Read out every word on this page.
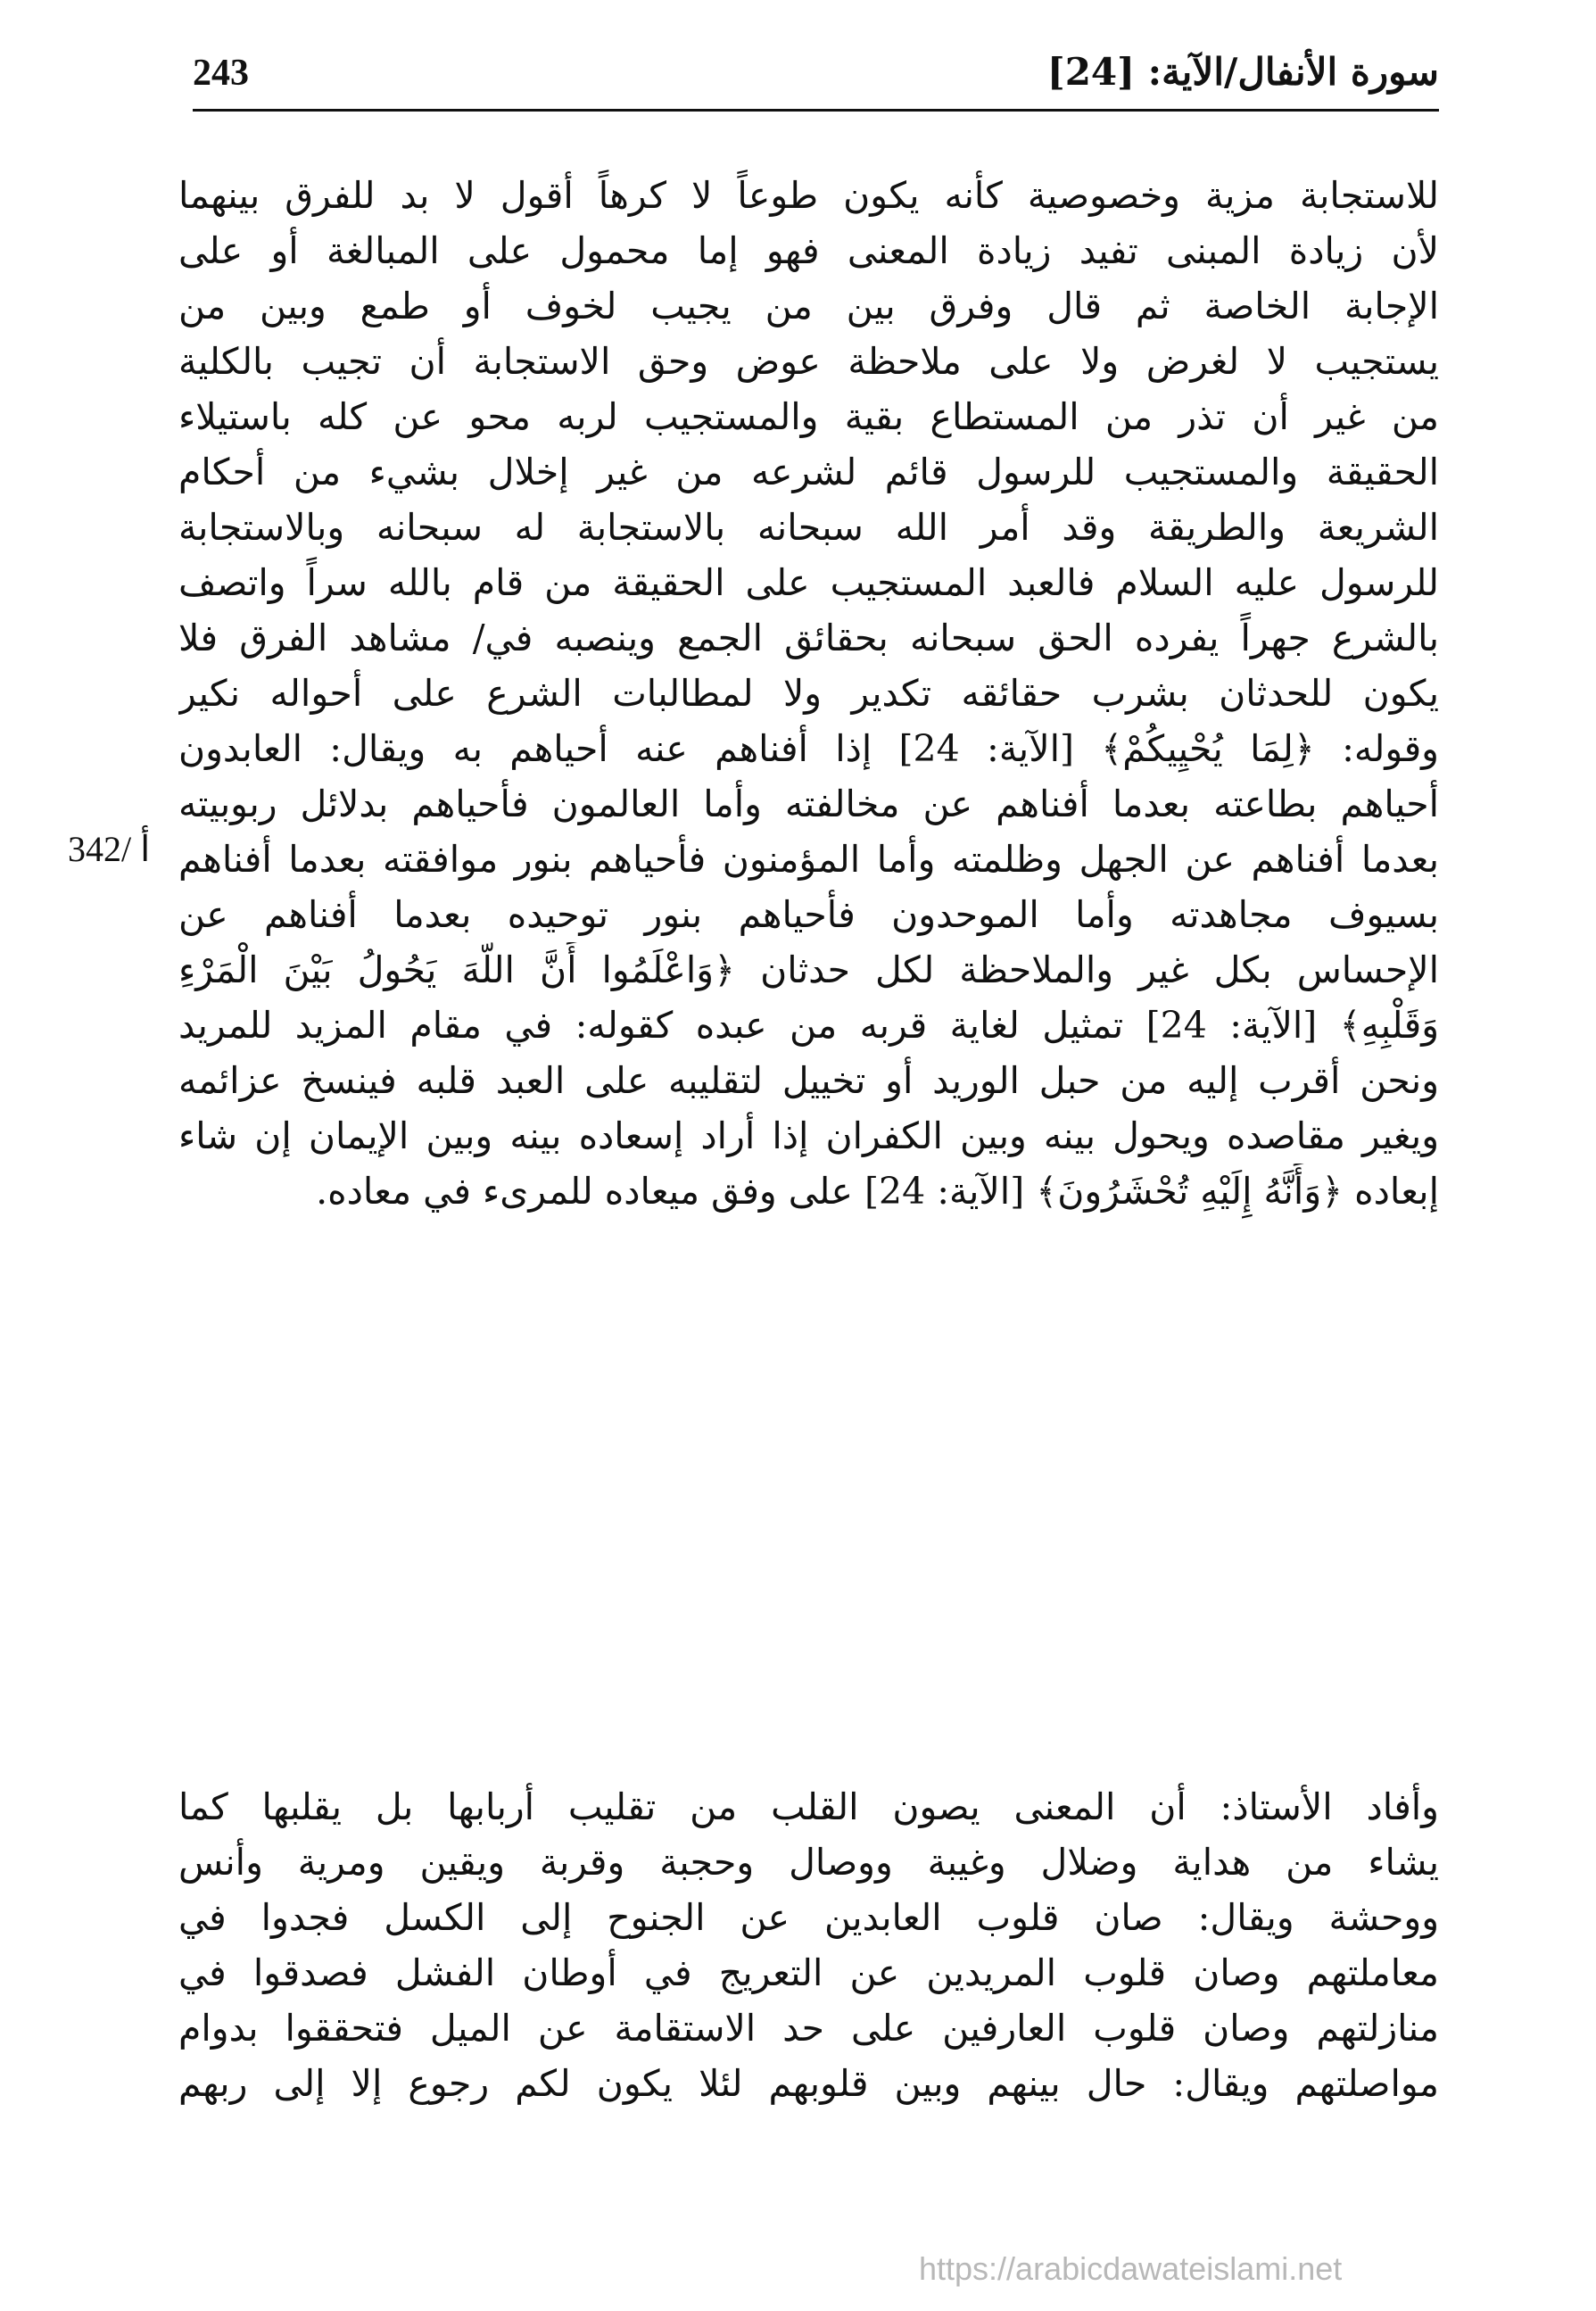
243	سورة الأنفال/الآية: [24]
342/ أ
للاستجابة مزية وخصوصية كأنه يكون طوعاً لا كرهاً أقول لا بد للفرق بينهما
لأن زيادة المبنى تفيد زيادة المعنى فهو إما محمول على المبالغة أو على
الإجابة الخاصة ثم قال وفرق بين من يجيب لخوف أو طمع وبين من
يستجيب لا لغرض ولا على ملاحظة عوض وحق الاستجابة أن تجيب بالكلية
من غير أن تذر من المستطاع بقية والمستجيب لربه محو عن كله باستيلاء
الحقيقة والمستجيب للرسول قائم لشرعه من غير إخلال بشيء من أحكام
الشريعة والطريقة وقد أمر الله سبحانه بالاستجابة له سبحانه وبالاستجابة
للرسول عليه السلام فالعبد المستجيب على الحقيقة من قام بالله سراً واتصف
بالشرع جهراً يفرده الحق سبحانه بحقائق الجمع وينصبه في/ مشاهد الفرق فلا
يكون للحدثان بشرب حقائقه تكدير ولا لمطالبات الشرع على أحواله نكير
وقوله: ﴿لِمَا يُحْيِيكُمْ﴾ [الآية: 24] إذا أفناهم عنه أحياهم به ويقال: العابدون
أحياهم بطاعته بعدما أفناهم عن مخالفته وأما العالمون فأحياهم بدلائل ربوبيته
بعدما أفناهم عن الجهل وظلمته وأما المؤمنون فأحياهم بنور موافقته بعدما أفناهم
بسيوف مجاهدته وأما الموحدون فأحياهم بنور توحيده بعدما أفناهم عن
الإحساس بكل غير والملاحظة لكل حدثان ﴿وَاعْلَمُوا أَنَّ اللَّهَ يَحُولُ بَيْنَ الْمَرْءِ
وَقَلْبِهِ﴾ [الآية: 24] تمثيل لغاية قربه من عبده كقوله: في مقام المزيد للمريد
ونحن أقرب إليه من حبل الوريد أو تخييل لتقليبه على العبد قلبه فينسخ عزائمه
ويغير مقاصده ويحول بينه وبين الكفران إذا أراد إسعاده بينه وبين الإيمان إن شاء
إبعاده ﴿وَأَنَّهُ إِلَيْهِ تُحْشَرُونَ﴾ [الآية: 24] على وفق ميعاده للمرىء في معاده.
وأفاد الأستاذ: أن المعنى يصون القلب من تقليب أربابها بل يقلبها كما
يشاء من هداية وضلال وغيبة ووصال وحجبة وقربة ويقين ومرية وأنس
ووحشة ويقال: صان قلوب العابدين عن الجنوح إلى الكسل فجدوا في
معاملتهم وصان قلوب المريدين عن التعريج في أوطان الفشل فصدقوا في
منازلتهم وصان قلوب العارفين على حد الاستقامة عن الميل فتحققوا بدوام
مواصلتهم ويقال: حال بينهم وبين قلوبهم لئلا يكون لكم رجوع إلا إلى ربهم
https://arabicdawateislami.net
